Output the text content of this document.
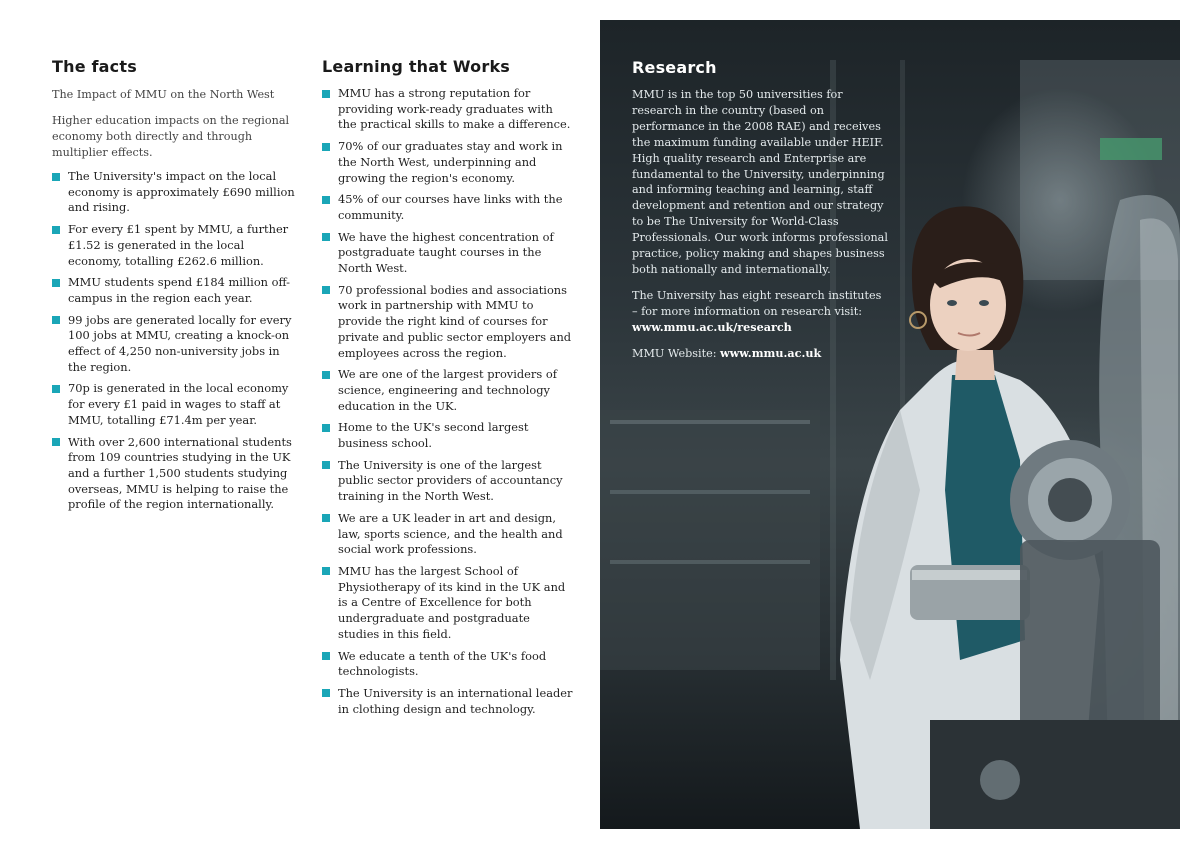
The facts

The Impact of MMU on the North West

Higher education impacts on the regional economy both directly and through multiplier effects.

The University's impact on the local economy is approximately £690 million and rising.
For every £1 spent by MMU, a further £1.52 is generated in the local economy, totalling £262.6 million.
MMU students spend £184 million off-campus in the region each year.
99 jobs are generated locally for every 100 jobs at MMU, creating a knock-on effect of 4,250 non-university jobs in the region.
70p is generated in the local economy for every £1 paid in wages to staff at MMU, totalling £71.4m per year.
With over 2,600 international students from 109 countries studying in the UK and a further 1,500 students studying overseas, MMU is helping to raise the profile of the region internationally.
Learning that Works
MMU has a strong reputation for providing work-ready graduates with the practical skills to make a difference.
70% of our graduates stay and work in the North West, underpinning and growing the region's economy.
45% of our courses have links with the community.
We have the highest concentration of postgraduate taught courses in the North West.
70 professional bodies and associations work in partnership with MMU to provide the right kind of courses for private and public sector employers and employees across the region.
We are one of the largest providers of science, engineering and technology education in the UK.
Home to the UK's second largest business school.
The University is one of the largest public sector providers of accountancy training in the North West.
We are a UK leader in art and design, law, sports science, and the health and social work professions.
MMU has the largest School of Physiotherapy of its kind in the UK and is a Centre of Excellence for both undergraduate and postgraduate studies in this field.
We educate a tenth of the UK's food technologists.
The University is an international leader in clothing design and technology.
Research

MMU is in the top 50 universities for research in the country (based on performance in the 2008 RAE) and receives the maximum funding available under HEIF. High quality research and Enterprise are fundamental to the University, underpinning and informing teaching and learning, staff development and retention and our strategy to be The University for World-Class Professionals. Our work informs professional practice, policy making and shapes business both nationally and internationally.

The University has eight research institutes – for more information on research visit:
www.mmu.ac.uk/research

MMU Website: www.mmu.ac.uk
